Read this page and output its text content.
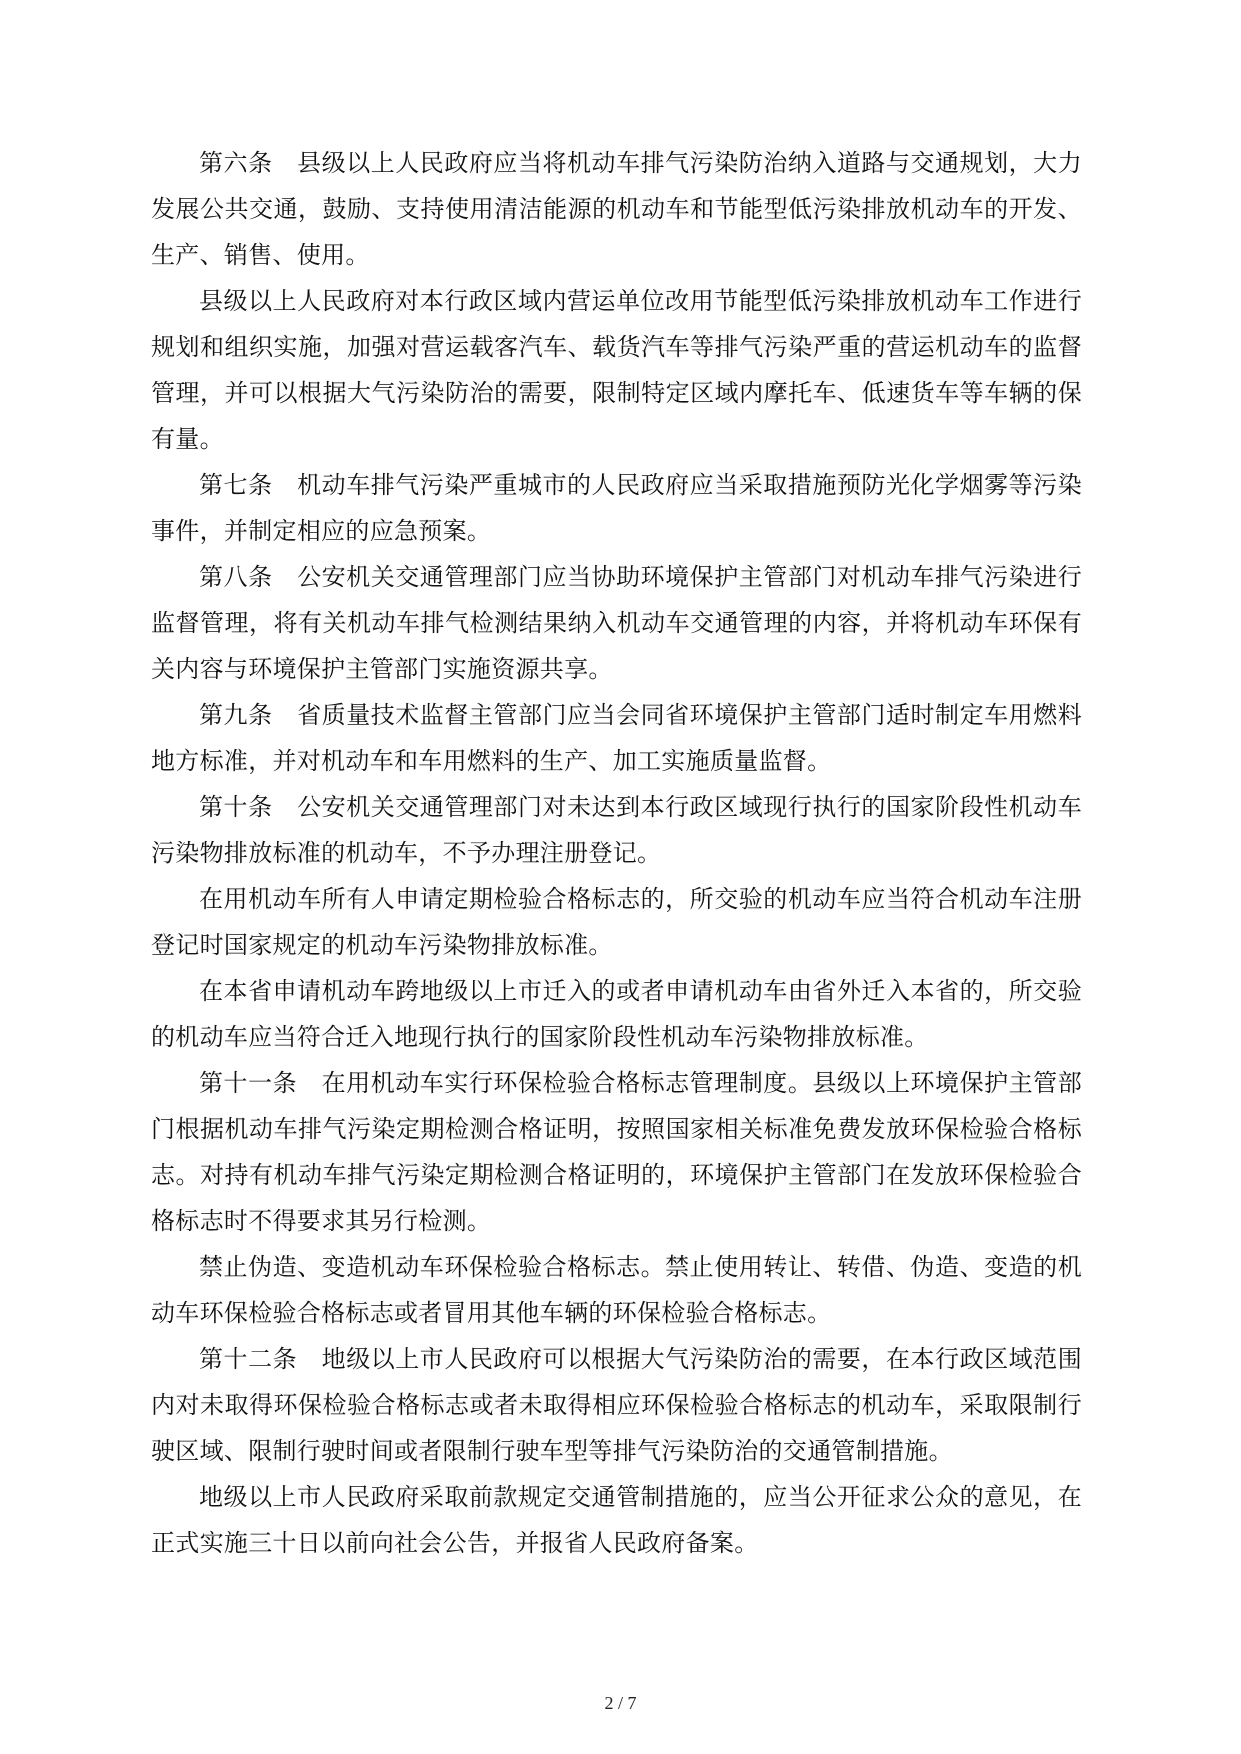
第六条　县级以上人民政府应当将机动车排气污染防治纳入道路与交通规划，大力发展公共交通，鼓励、支持使用清洁能源的机动车和节能型低污染排放机动车的开发、生产、销售、使用。

县级以上人民政府对本行政区域内营运单位改用节能型低污染排放机动车工作进行规划和组织实施，加强对营运载客汽车、载货汽车等排气污染严重的营运机动车的监督管理，并可以根据大气污染防治的需要，限制特定区域内摩托车、低速货车等车辆的保有量。

第七条　机动车排气污染严重城市的人民政府应当采取措施预防光化学烟雾等污染事件，并制定相应的应急预案。

第八条　公安机关交通管理部门应当协助环境保护主管部门对机动车排气污染进行监督管理，将有关机动车排气检测结果纳入机动车交通管理的内容，并将机动车环保有关内容与环境保护主管部门实施资源共享。

第九条　省质量技术监督主管部门应当会同省环境保护主管部门适时制定车用燃料地方标准，并对机动车和车用燃料的生产、加工实施质量监督。

第十条　公安机关交通管理部门对未达到本行政区域现行执行的国家阶段性机动车污染物排放标准的机动车，不予办理注册登记。

在用机动车所有人申请定期检验合格标志的，所交验的机动车应当符合机动车注册登记时国家规定的机动车污染物排放标准。

在本省申请机动车跨地级以上市迁入的或者申请机动车由省外迁入本省的，所交验的机动车应当符合迁入地现行执行的国家阶段性机动车污染物排放标准。

第十一条　在用机动车实行环保检验合格标志管理制度。县级以上环境保护主管部门根据机动车排气污染定期检测合格证明，按照国家相关标准免费发放环保检验合格标志。对持有机动车排气污染定期检测合格证明的，环境保护主管部门在发放环保检验合格标志时不得要求其另行检测。

禁止伪造、变造机动车环保检验合格标志。禁止使用转让、转借、伪造、变造的机动车环保检验合格标志或者冒用其他车辆的环保检验合格标志。

第十二条　地级以上市人民政府可以根据大气污染防治的需要，在本行政区域范围内对未取得环保检验合格标志或者未取得相应环保检验合格标志的机动车，采取限制行驶区域、限制行驶时间或者限制行驶车型等排气污染防治的交通管制措施。

地级以上市人民政府采取前款规定交通管制措施的，应当公开征求公众的意见，在正式实施三十日以前向社会公告，并报省人民政府备案。

2 / 7
